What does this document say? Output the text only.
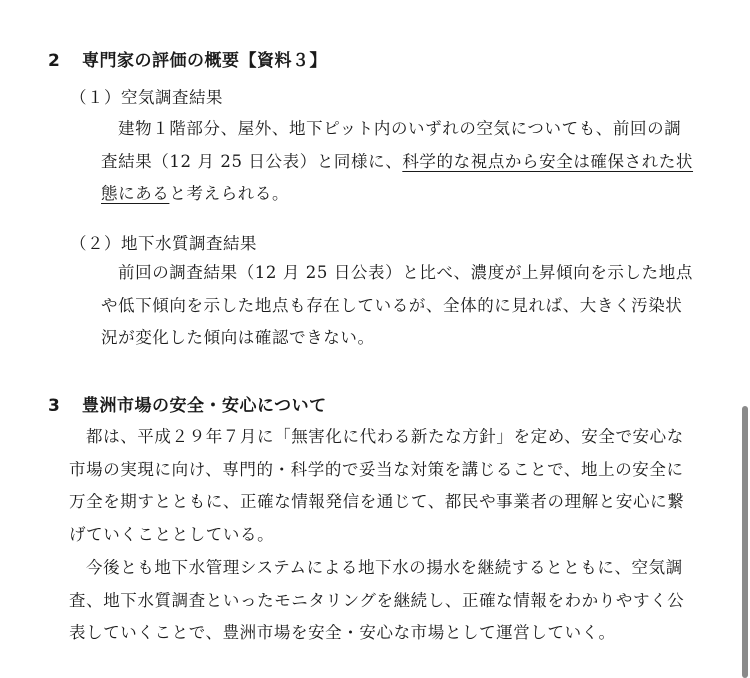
2 専門家の評価の概要【資料３】
（１）空気調査結果
建物１階部分、屋外、地下ピット内のいずれの空気についても、前回の調
査結果（12 月 25 日公表）と同様に、科学的な視点から安全は確保された状
態にあると考えられる。
（２）地下水質調査結果
前回の調査結果（12 月 25 日公表）と比べ、濃度が上昇傾向を示した地点
や低下傾向を示した地点も存在しているが、全体的に見れば、大きく汚染状
況が変化した傾向は確認できない。
3 豊洲市場の安全・安心について
都は、平成２９年７月に「無害化に代わる新たな方針」を定め、安全で安心な
市場の実現に向け、専門的・科学的で妥当な対策を講じることで、地上の安全に
万全を期すとともに、正確な情報発信を通じて、都民や事業者の理解と安心に繋
げていくこととしている。
今後とも地下水管理システムによる地下水の揚水を継続するとともに、空気調
査、地下水質調査といったモニタリングを継続し、正確な情報をわかりやすく公
表していくことで、豊洲市場を安全・安心な市場として運営していく。
